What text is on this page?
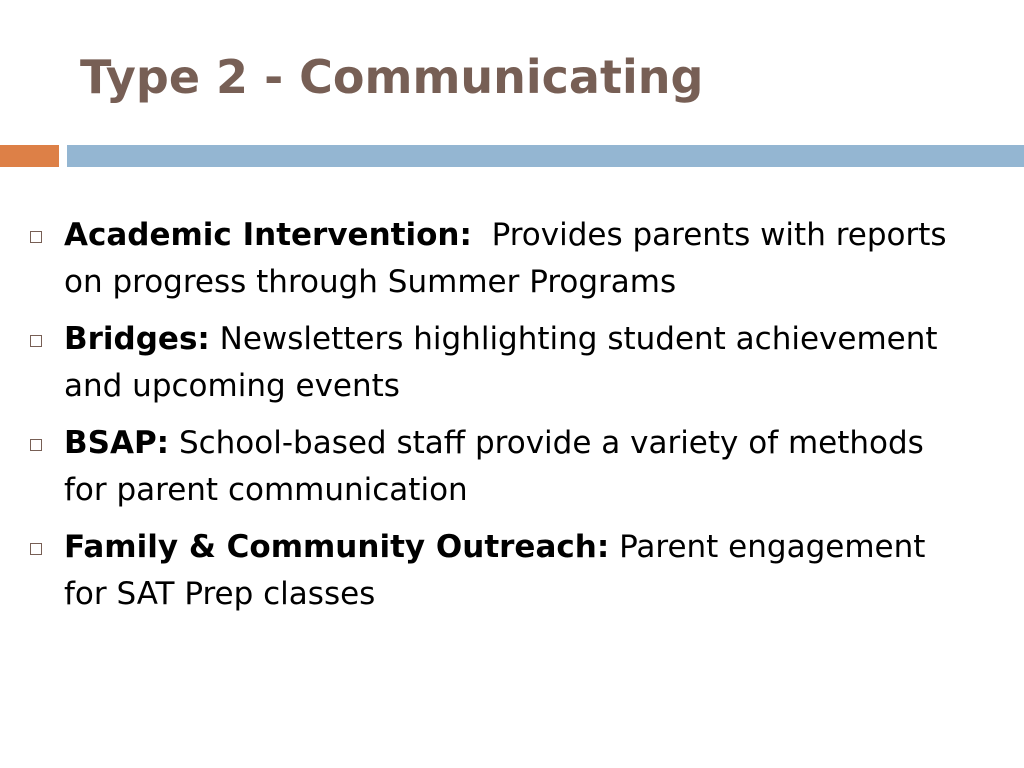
Type 2 - Communicating
Academic Intervention: Provides parents with reports on progress through Summer Programs
Bridges: Newsletters highlighting student achievement and upcoming events
BSAP: School-based staff provide a variety of methods for parent communication
Family & Community Outreach: Parent engagement for SAT Prep classes
